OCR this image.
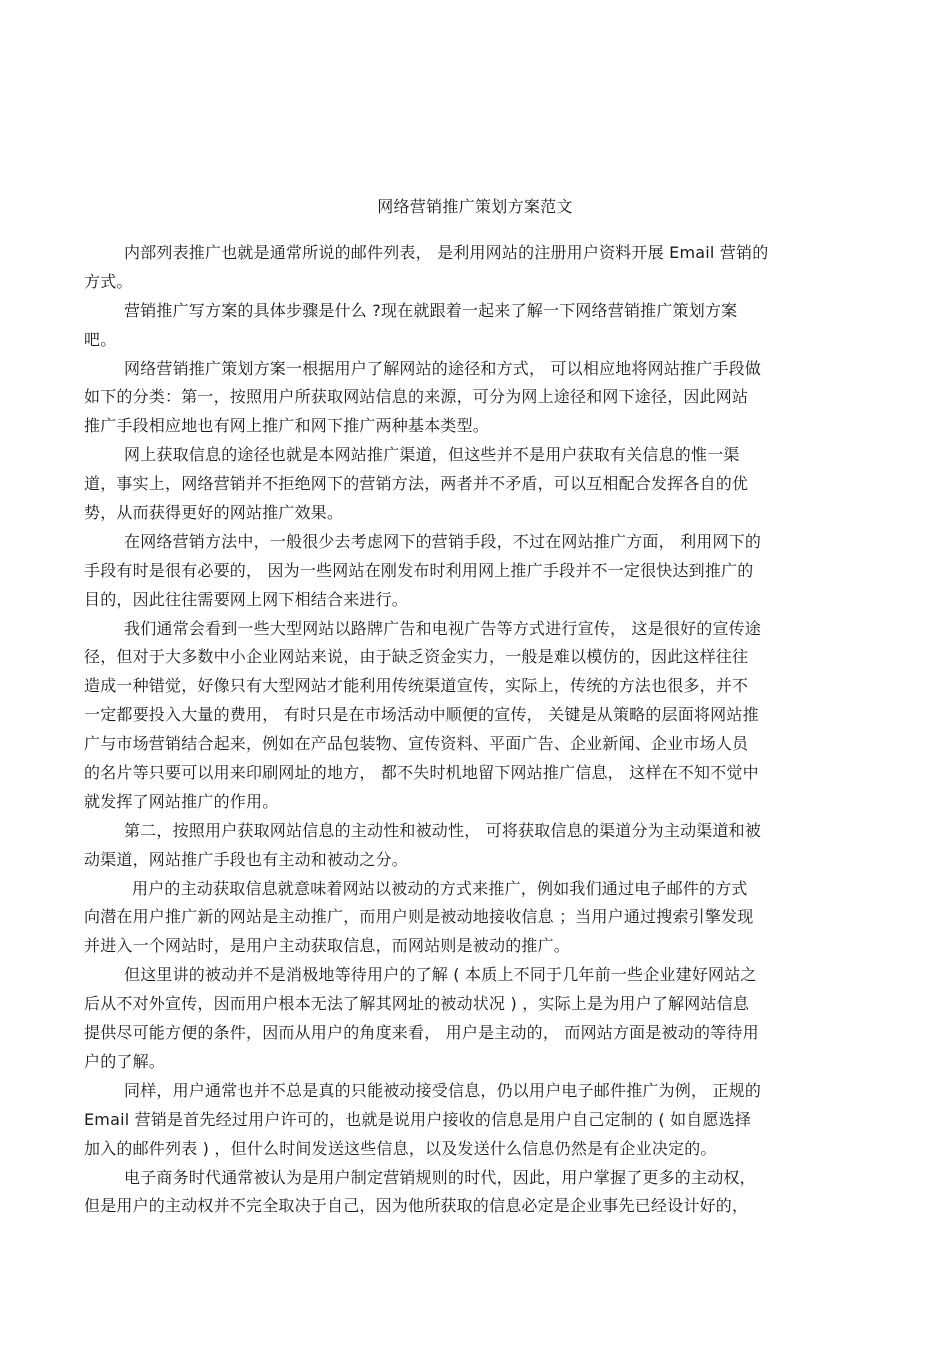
网络营销推广策划方案范文

内部列表推广也就是通常所说的邮件列表， 是利用网站的注册用户资料开展 Email 营销的
方式。

营销推广写方案的具体步骤是什么 ?现在就跟着一起来了解一下网络营销推广策划方案
吧。

网络营销推广策划方案一根据用户了解网站的途径和方式， 可以相应地将网站推广手段做
如下的分类：第一，按照用户所获取网站信息的来源，可分为网上途径和网下途径，因此网站
推广手段相应地也有网上推广和网下推广两种基本类型。

网上获取信息的途径也就是本网站推广渠道，但这些并不是用户获取有关信息的惟一渠
道，事实上，网络营销并不拒绝网下的营销方法，两者并不矛盾，可以互相配合发挥各自的优
势，从而获得更好的网站推广效果。

在网络营销方法中，一般很少去考虑网下的营销手段，不过在网站推广方面， 利用网下的
手段有时是很有必要的， 因为一些网站在刚发布时利用网上推广手段并不一定很快达到推广的
目的，因此往往需要网上网下相结合来进行。

我们通常会看到一些大型网站以路牌广告和电视广告等方式进行宣传， 这是很好的宣传途
径，但对于大多数中小企业网站来说，由于缺乏资金实力，一般是难以模仿的，因此这样往往
造成一种错觉，好像只有大型网站才能利用传统渠道宣传，实际上，传统的方法也很多，并不
一定都要投入大量的费用， 有时只是在市场活动中顺便的宣传， 关键是从策略的层面将网站推
广与市场营销结合起来，例如在产品包装物、宣传资料、平面广告、企业新闻、企业市场人员
的名片等只要可以用来印刷网址的地方， 都不失时机地留下网站推广信息， 这样在不知不觉中
就发挥了网站推广的作用。

第二，按照用户获取网站信息的主动性和被动性， 可将获取信息的渠道分为主动渠道和被
动渠道，网站推广手段也有主动和被动之分。

用户的主动获取信息就意味着网站以被动的方式来推广，例如我们通过电子邮件的方式
向潜在用户推广新的网站是主动推广，而用户则是被动地接收信息 ；当用户通过搜索引擎发现
并进入一个网站时，是用户主动获取信息，而网站则是被动的推广。

但这里讲的被动并不是消极地等待用户的了解 ( 本质上不同于几年前一些企业建好网站之
后从不对外宣传，因而用户根本无法了解其网址的被动状况 ) ，实际上是为用户了解网站信息
提供尽可能方便的条件，因而从用户的角度来看， 用户是主动的， 而网站方面是被动的等待用
户的了解。

同样，用户通常也并不总是真的只能被动接受信息，仍以用户电子邮件推广为例， 正规的
Email 营销是首先经过用户许可的，也就是说用户接收的信息是用户自己定制的 ( 如自愿选择
加入的邮件列表 ) ，但什么时间发送这些信息，以及发送什么信息仍然是有企业决定的。

电子商务时代通常被认为是用户制定营销规则的时代，因此，用户掌握了更多的主动权，
但是用户的主动权并不完全取决于自己，因为他所获取的信息必定是企业事先已经设计好的，
